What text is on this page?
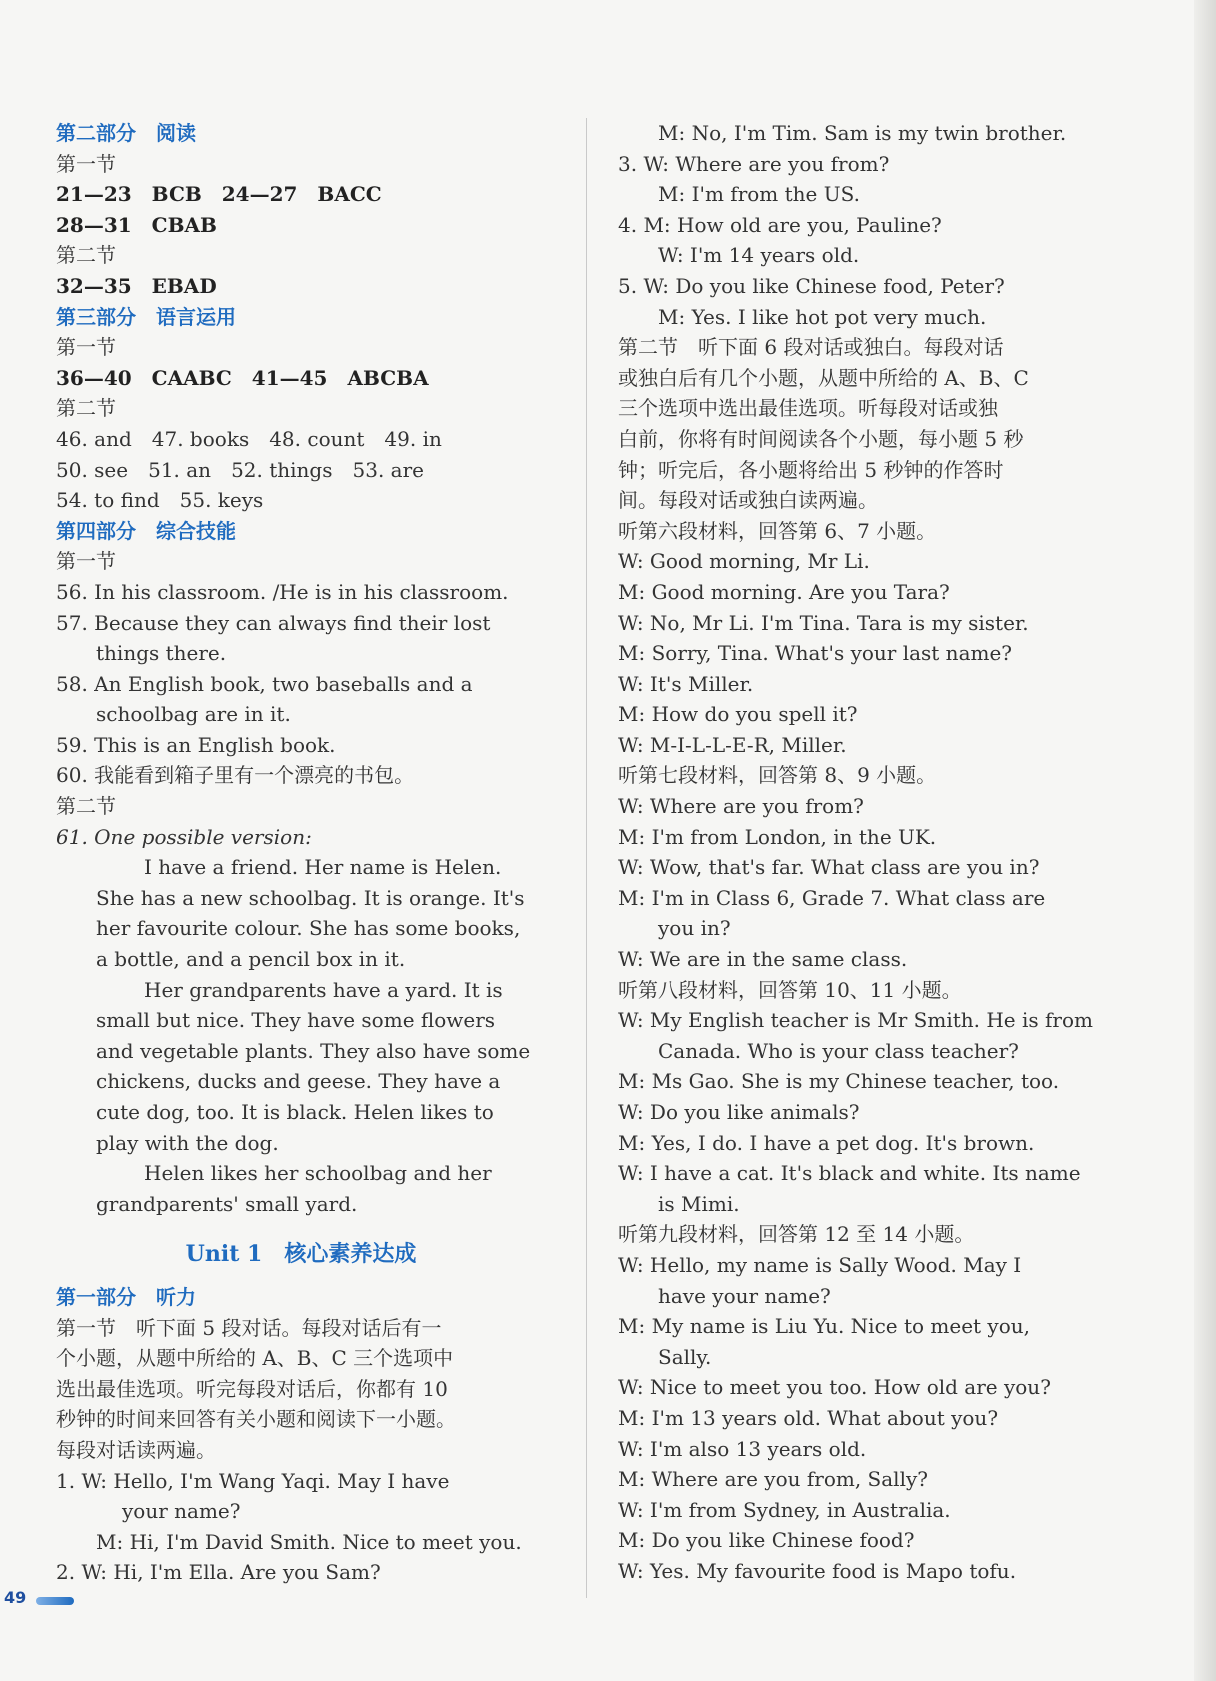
第二部分　阅读
第一节
21—23　BCB　24—27　BACC
28—31　CBAB
第二节
32—35　EBAD
第三部分　语言运用
第一节
36—40　CAABC　41—45　ABCBA
第二节
46. and　47. books　48. count　49. in
50. see　51. an　52. things　53. are
54. to find　55. keys
第四部分　综合技能
第一节
56. In his classroom. /He is in his classroom.
57. Because they can always find their lost
things there.
58. An English book, two baseballs and a
schoolbag are in it.
59. This is an English book.
60. 我能看到箱子里有一个漂亮的书包。
第二节
61. One possible version:
I have a friend. Her name is Helen.
She has a new schoolbag. It is orange. It's
her favourite colour. She has some books,
a bottle, and a pencil box in it.
Her grandparents have a yard. It is
small but nice. They have some flowers
and vegetable plants. They also have some
chickens, ducks and geese. They have a
cute dog, too. It is black. Helen likes to
play with the dog.
Helen likes her schoolbag and her
grandparents' small yard.
Unit 1　核心素养达成
第一部分　听力
第一节　听下面 5 段对话。每段对话后有一
个小题，从题中所给的 A、B、C 三个选项中
选出最佳选项。听完每段对话后，你都有 10
秒钟的时间来回答有关小题和阅读下一小题。
每段对话读两遍。
1. W: Hello, I'm Wang Yaqi. May I have
your name?
M: Hi, I'm David Smith. Nice to meet you.
2. W: Hi, I'm Ella. Are you Sam?
M: No, I'm Tim. Sam is my twin brother.
3. W: Where are you from?
M: I'm from the US.
4. M: How old are you, Pauline?
W: I'm 14 years old.
5. W: Do you like Chinese food, Peter?
M: Yes. I like hot pot very much.
第二节　听下面 6 段对话或独白。每段对话
或独白后有几个小题，从题中所给的 A、B、C
三个选项中选出最佳选项。听每段对话或独
白前，你将有时间阅读各个小题，每小题 5 秒
钟；听完后，各小题将给出 5 秒钟的作答时
间。每段对话或独白读两遍。
听第六段材料，回答第 6、7 小题。
W: Good morning, Mr Li.
M: Good morning. Are you Tara?
W: No, Mr Li. I'm Tina. Tara is my sister.
M: Sorry, Tina. What's your last name?
W: It's Miller.
M: How do you spell it?
W: M-I-L-L-E-R, Miller.
听第七段材料，回答第 8、9 小题。
W: Where are you from?
M: I'm from London, in the UK.
W: Wow, that's far. What class are you in?
M: I'm in Class 6, Grade 7. What class are
you in?
W: We are in the same class.
听第八段材料，回答第 10、11 小题。
W: My English teacher is Mr Smith. He is from
Canada. Who is your class teacher?
M: Ms Gao. She is my Chinese teacher, too.
W: Do you like animals?
M: Yes, I do. I have a pet dog. It's brown.
W: I have a cat. It's black and white. Its name
is Mimi.
听第九段材料，回答第 12 至 14 小题。
W: Hello, my name is Sally Wood. May I
have your name?
M: My name is Liu Yu. Nice to meet you,
Sally.
W: Nice to meet you too. How old are you?
M: I'm 13 years old. What about you?
W: I'm also 13 years old.
M: Where are you from, Sally?
W: I'm from Sydney, in Australia.
M: Do you like Chinese food?
W: Yes. My favourite food is Mapo tofu.
49
